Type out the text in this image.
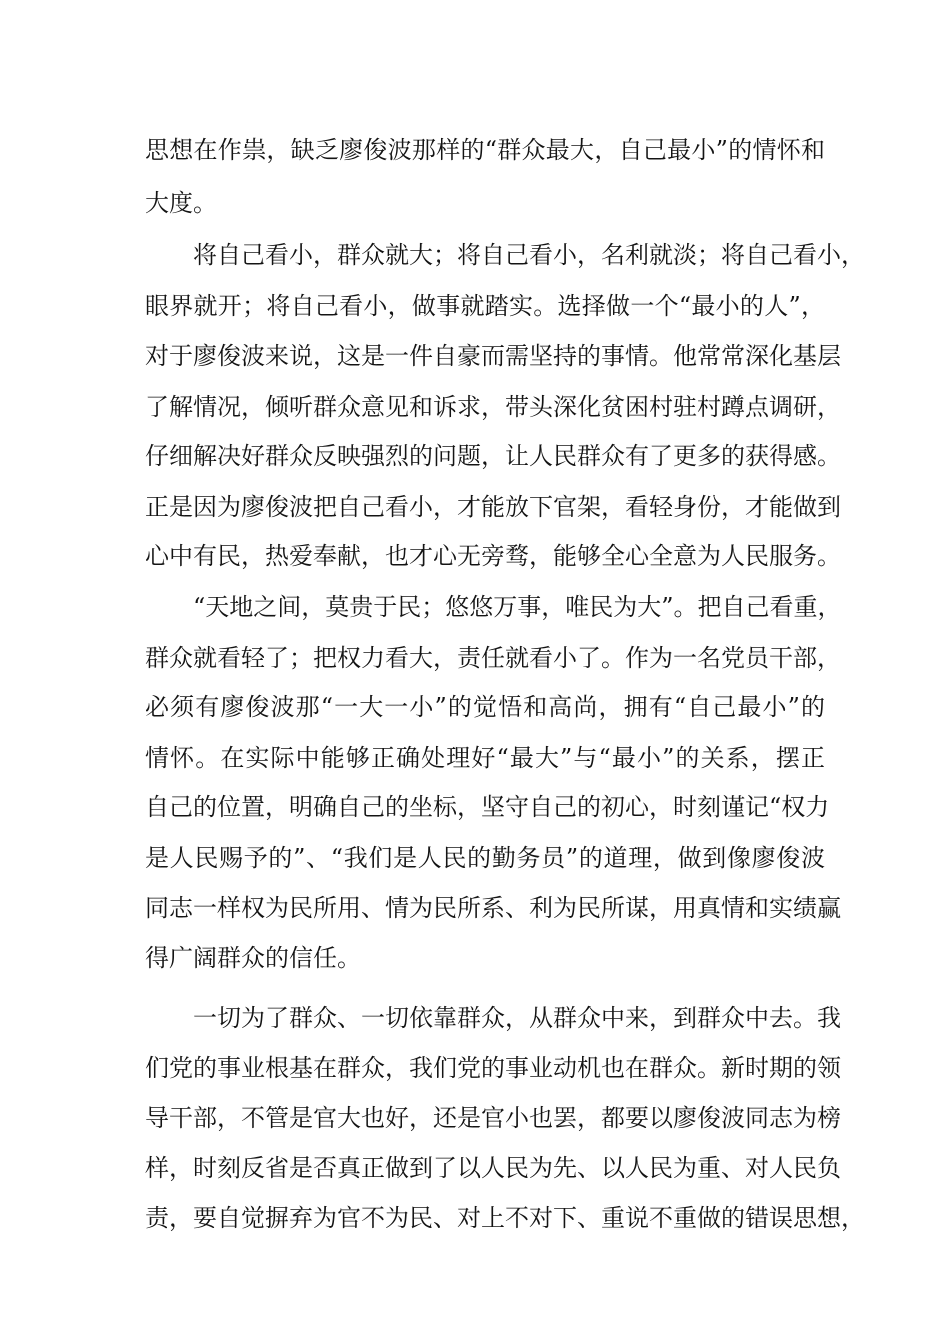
思想在作祟，缺乏廖俊波那样的“群众最大，自己最小”的情怀和
大度。
将自己看小，群众就大；将自己看小，名利就淡；将自己看小，
眼界就开；将自己看小，做事就踏实。选择做一个“最小的人”，
对于廖俊波来说，这是一件自豪而需坚持的事情。他常常深化基层
了解情况，倾听群众意见和诉求，带头深化贫困村驻村蹲点调研，
仔细解决好群众反映强烈的问题，让人民群众有了更多的获得感。
正是因为廖俊波把自己看小，才能放下官架，看轻身份，才能做到
心中有民，热爱奉献，也才心无旁骛，能够全心全意为人民服务。
“天地之间，莫贵于民；悠悠万事，唯民为大”。把自己看重，
群众就看轻了；把权力看大，责任就看小了。作为一名党员干部，
必须有廖俊波那“一大一小”的觉悟和高尚，拥有“自己最小”的
情怀。在实际中能够正确处理好“最大”与“最小”的关系，摆正
自己的位置，明确自己的坐标，坚守自己的初心，时刻谨记“权力
是人民赐予的”、“我们是人民的勤务员”的道理，做到像廖俊波
同志一样权为民所用、情为民所系、利为民所谋，用真情和实绩赢
得广阔群众的信任。
一切为了群众、一切依靠群众，从群众中来，到群众中去。我
们党的事业根基在群众，我们党的事业动机也在群众。新时期的领
导干部，不管是官大也好，还是官小也罢，都要以廖俊波同志为榜
样，时刻反省是否真正做到了以人民为先、以人民为重、对人民负
责，要自觉摒弃为官不为民、对上不对下、重说不重做的错误思想，
